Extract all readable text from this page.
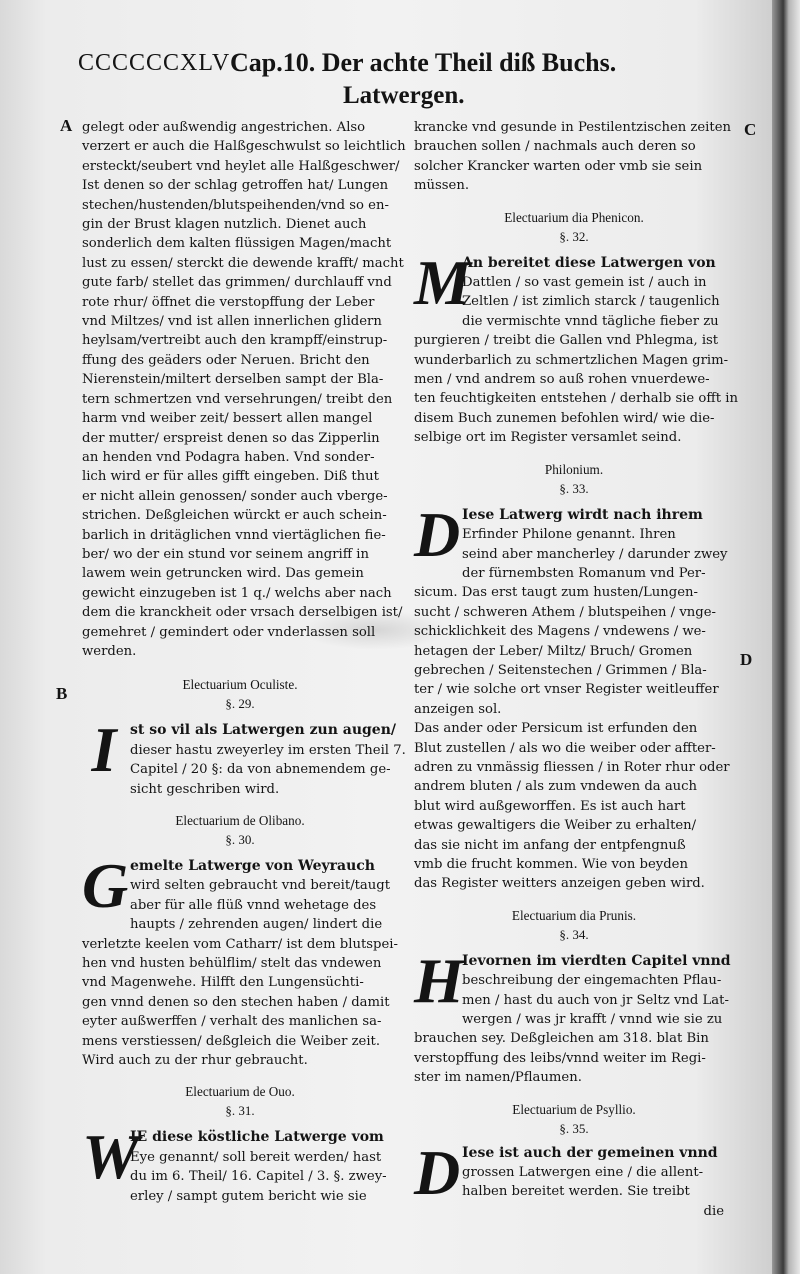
CCCCCCXLV Cap.10. Der achte Theil diß Buchs.
Latwergen.
A
B
C
D

gelegt oder außwendig angestrichen. Also

verzert er auch die Halßgeschwulst so leichtlich

ersteckt/seubert vnd heylet alle Halßgeschwer/

Ist denen so der schlag getroffen hat/ Lungen

stechen/hustenden/blutspeihenden/vnd so en-

gin der Brust klagen nutzlich. Dienet auch

sonderlich dem kalten flüssigen Magen/macht

lust zu essen/ sterckt die dewende krafft/ macht

gute farb/ stellet das grimmen/ durchlauff vnd

rote rhur/ öffnet die verstopffung der Leber

vnd Miltzes/ vnd ist allen innerlichen glidern

heylsam/vertreibt auch den krampff/einstrup-

ffung des geäders oder Neruen. Bricht den

Nierenstein/miltert derselben sampt der Bla-

tern schmertzen vnd versehrungen/ treibt den

harm vnd weiber zeit/ bessert allen mangel

der mutter/ erspreist denen so das Zipperlin

an henden vnd Podagra haben. Vnd sonder-

lich wird er für alles gifft eingeben. Diß thut

er nicht allein genossen/ sonder auch vberge-

strichen. Deßgleichen würckt er auch schein-

barlich in dritäglichen vnnd viertäglichen fie-

ber/ wo der ein stund vor seinem angriff in

lawem wein getruncken wird. Das gemein

gewicht einzugeben ist 1 q./ welchs aber nach

dem die kranckheit oder vrsach derselbigen ist/

gemehret / gemindert oder vnderlassen soll

werden.

Electuarium Oculiste.
§. 29.
I st so vil als Latwergen zun augen/

dieser hastu zweyerley im ersten Theil 7.

Capitel / 20 §: da von abnemendem ge-

sicht geschriben wird.

Electuarium de Olibano.
§. 30.
G emelte Latwerge von Weyrauch

wird selten gebraucht vnd bereit/taugt

aber für alle flüß vnnd wehetage des

haupts / zehrenden augen/ lindert die

verletzte keelen vom Catharr/ ist dem blutspei-

hen vnd husten behülflim/ stelt das vndewen

vnd Magenwehe. Hilfft den Lungensüchti-

gen vnnd denen so den stechen haben / damit

eyter außwerffen / verhalt des manlichen sa-

mens verstiessen/ deßgleich die Weiber zeit.

Wird auch zu der rhur gebraucht.

Electuarium de Ouo.
§. 31.
W

IE diese köstliche Latwerge vom

Eye genannt/ soll bereit werden/ hast

du im 6. Theil/ 16. Capitel / 3. §. zwey-

erley / sampt gutem bericht wie sie

krancke vnd gesunde in Pestilentzischen zeiten

brauchen sollen / nachmals auch deren so

solcher Krancker warten oder vmb sie sein

müssen.

Electuarium dia Phenicon.
§. 32.
M

An bereitet diese Latwergen von

Dattlen / so vast gemein ist / auch in

Zeltlen / ist zimlich starck / taugenlich

die vermischte vnnd tägliche fieber zu

purgieren / treibt die Gallen vnd Phlegma, ist

wunderbarlich zu schmertzlichen Magen grim-

men / vnd andrem so auß rohen vnuerdewe-

ten feuchtigkeiten entstehen / derhalb sie offt in

disem Buch zunemen befohlen wird/ wie die-

selbige ort im Register versamlet seind.

Philonium.
§. 33.
D Iese Latwerg wirdt nach ihrem

Erfinder Philone genannt. Ihren

seind aber mancherley / darunder zwey

der fürnembsten Romanum vnd Per-

sicum. Das erst taugt zum husten/Lungen-

sucht / schweren Athem / blutspeihen / vnge-

schicklichkeit des Magens / vndewens / we-

hetagen der Leber/ Miltz/ Bruch/ Gromen

gebrechen / Seitenstechen / Grimmen / Bla-

ter / wie solche ort vnser Register weitleuffer

anzeigen sol.

Das ander oder Persicum ist erfunden den

Blut zustellen / als wo die weiber oder affter-

adren zu vnmässig fliessen / in Roter rhur oder

andrem bluten / als zum vndewen da auch

blut wird außgeworffen. Es ist auch hart

etwas gewaltigers die Weiber zu erhalten/

das sie nicht im anfang der entpfengnuß

vmb die frucht kommen. Wie von beyden

das Register weitters anzeigen geben wird.

Electuarium dia Prunis.
§. 34.
H

Ievornen im vierdten Capitel vnnd

beschreibung der eingemachten Pflau-

men / hast du auch von jr Seltz vnd Lat-

wergen / was jr krafft / vnnd wie sie zu

brauchen sey. Deßgleichen am 318. blat Bin

verstopffung des leibs/vnnd weiter im Regi-

ster im namen/Pflaumen.

Electuarium de Psyllio.
§. 35.
D Iese ist auch der gemeinen vnnd

grossen Latwergen eine / die allent-

halben bereitet werden. Sie treibt

die
